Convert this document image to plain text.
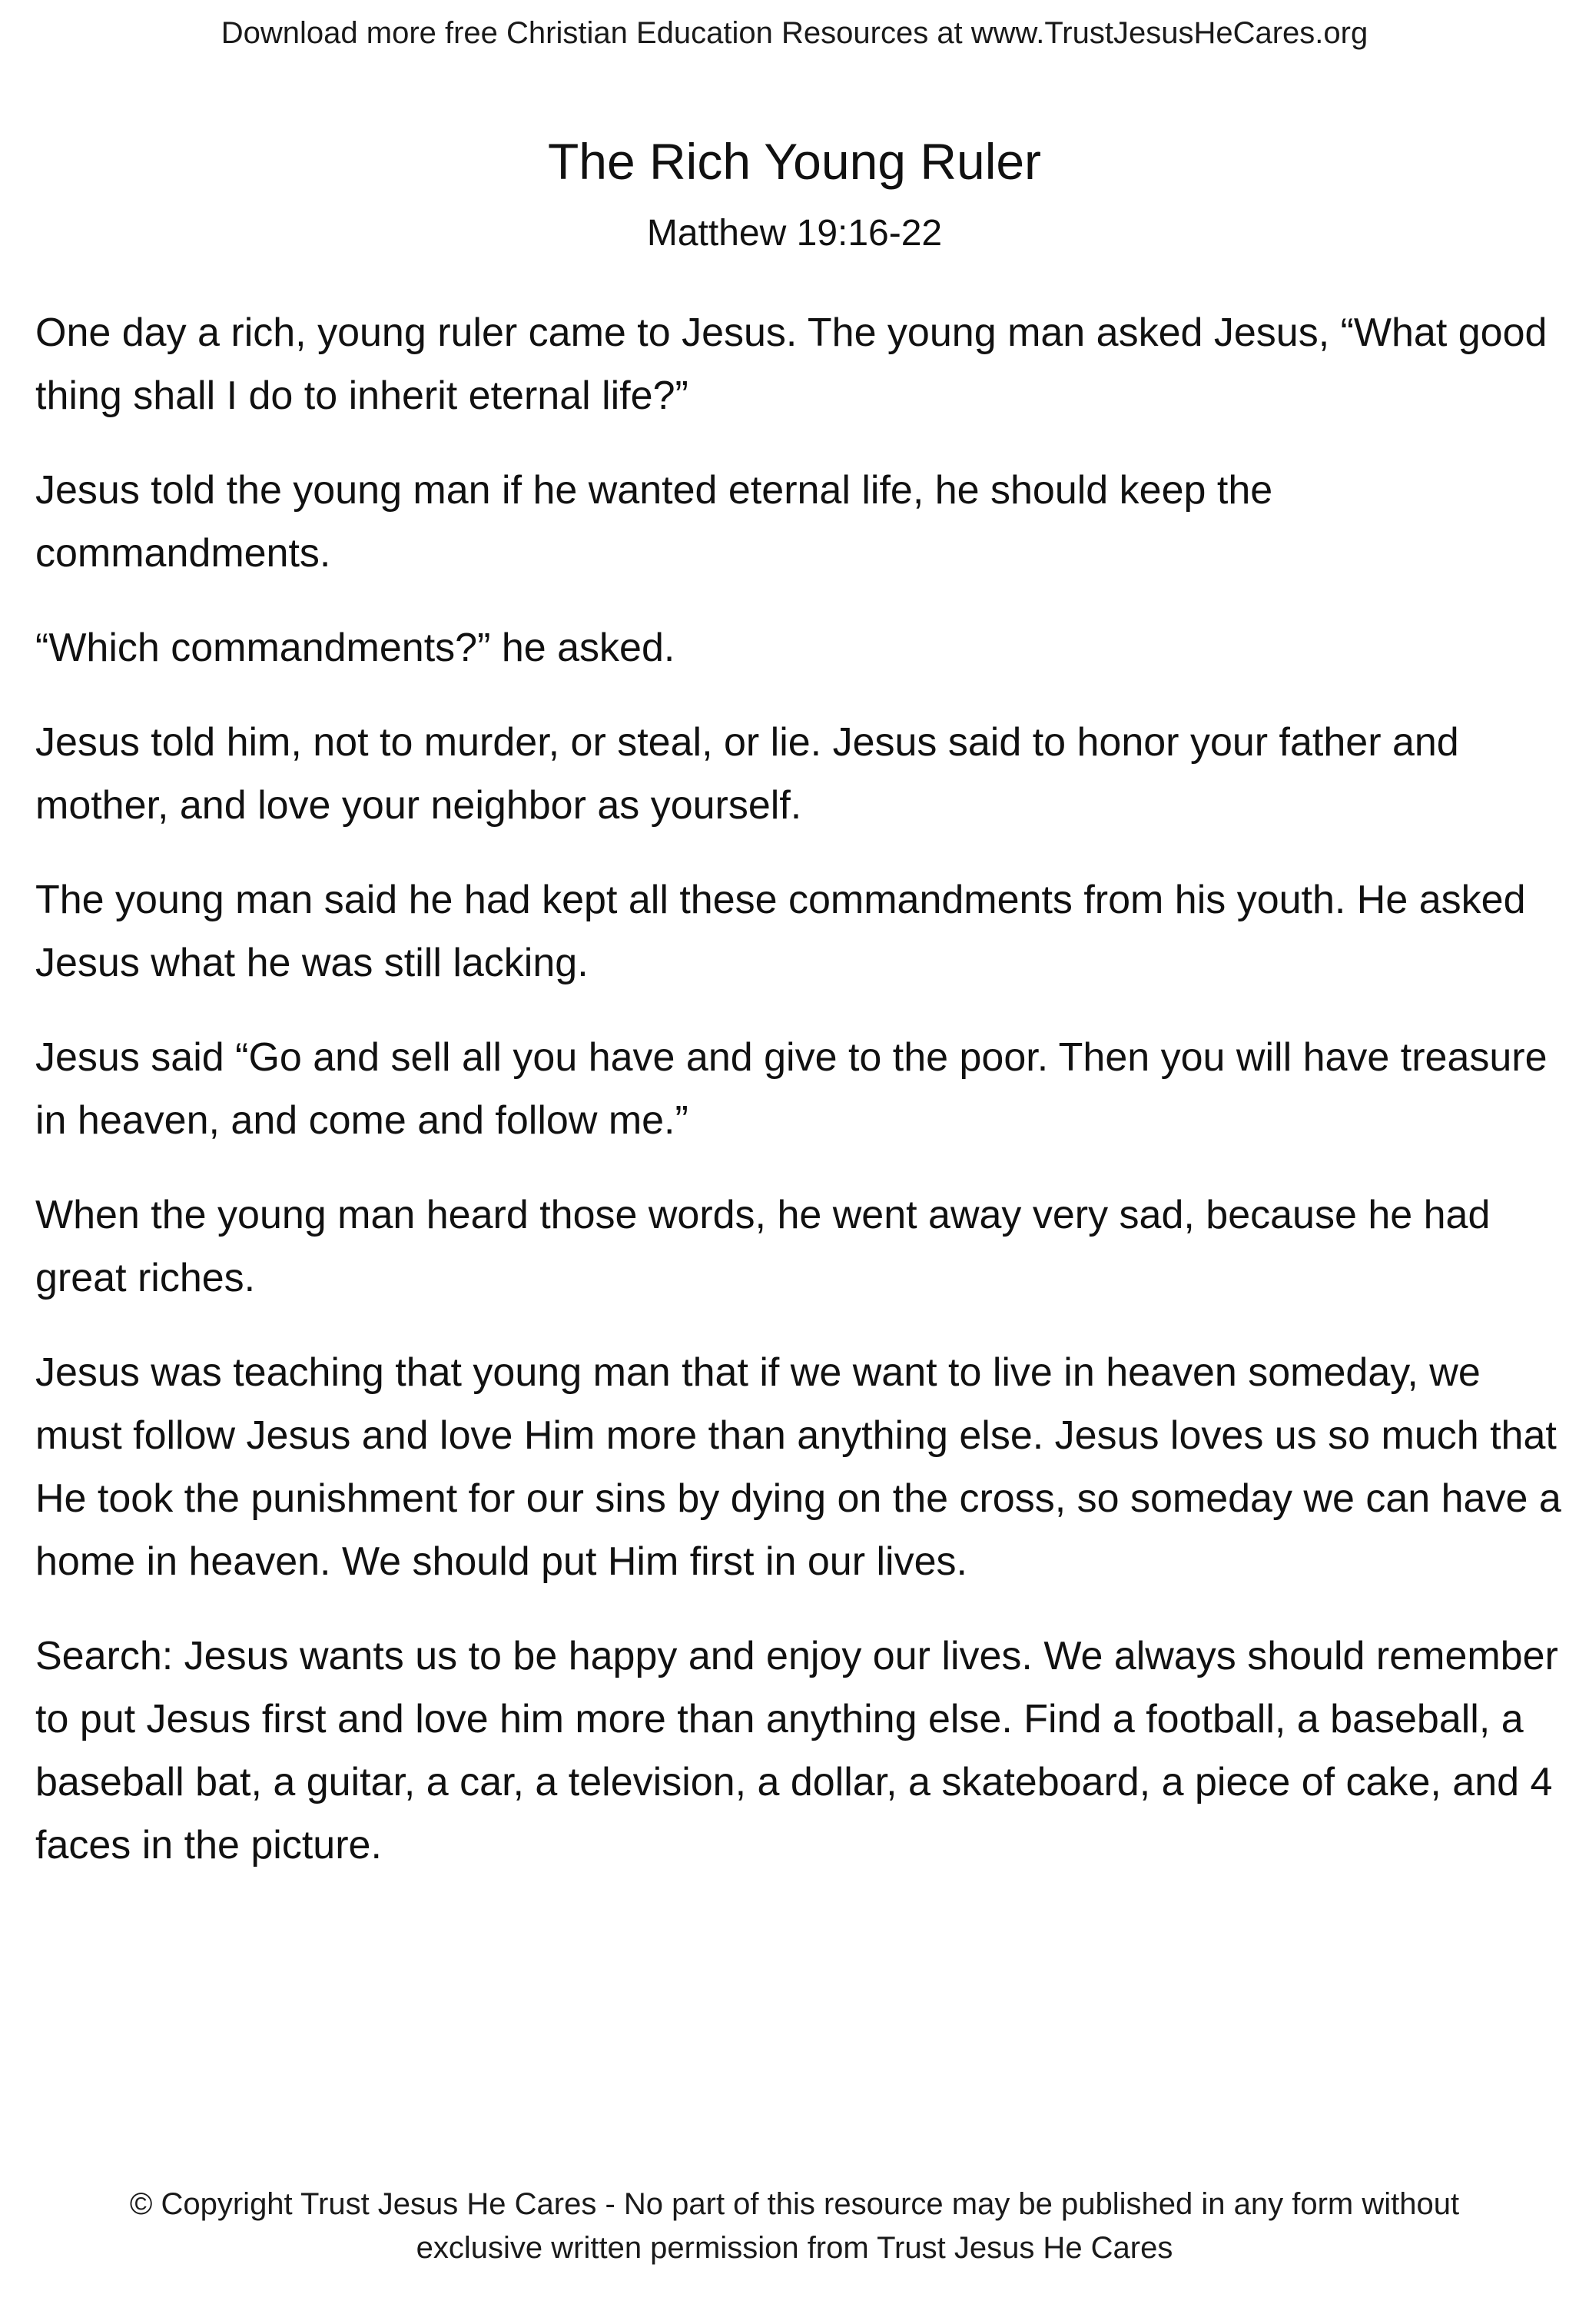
Download more free Christian Education Resources at www.TrustJesusHeCares.org
The Rich Young Ruler
Matthew 19:16-22

One day a rich, young ruler came to Jesus. The young man asked Jesus, “What good thing shall I do to inherit eternal life?”

Jesus told the young man if he wanted eternal life, he should keep the commandments.

“Which commandments?” he asked.

Jesus told him, not to murder, or steal, or lie. Jesus said to honor your father and mother, and love your neighbor as yourself.

The young man said he had kept all these commandments from his youth. He asked Jesus what he was still lacking.

Jesus said “Go and sell all you have and give to the poor. Then you will have treasure in heaven, and come and follow me.”

When the young man heard those words, he went away very sad, because he had great riches.

Jesus was teaching that young man that if we want to live in heaven someday, we must follow Jesus and love Him more than anything else. Jesus loves us so much that He took the punishment for our sins by dying on the cross, so someday we can have a home in heaven. We should put Him first in our lives.

Search: Jesus wants us to be happy and enjoy our lives. We always should remember to put Jesus first and love him more than anything else. Find a football, a baseball, a baseball bat, a guitar, a car, a television, a dollar, a skateboard, a piece of cake, and 4 faces in the picture.

© Copyright Trust Jesus He Cares - No part of this resource may be published in any form without
exclusive written permission from Trust Jesus He Cares
